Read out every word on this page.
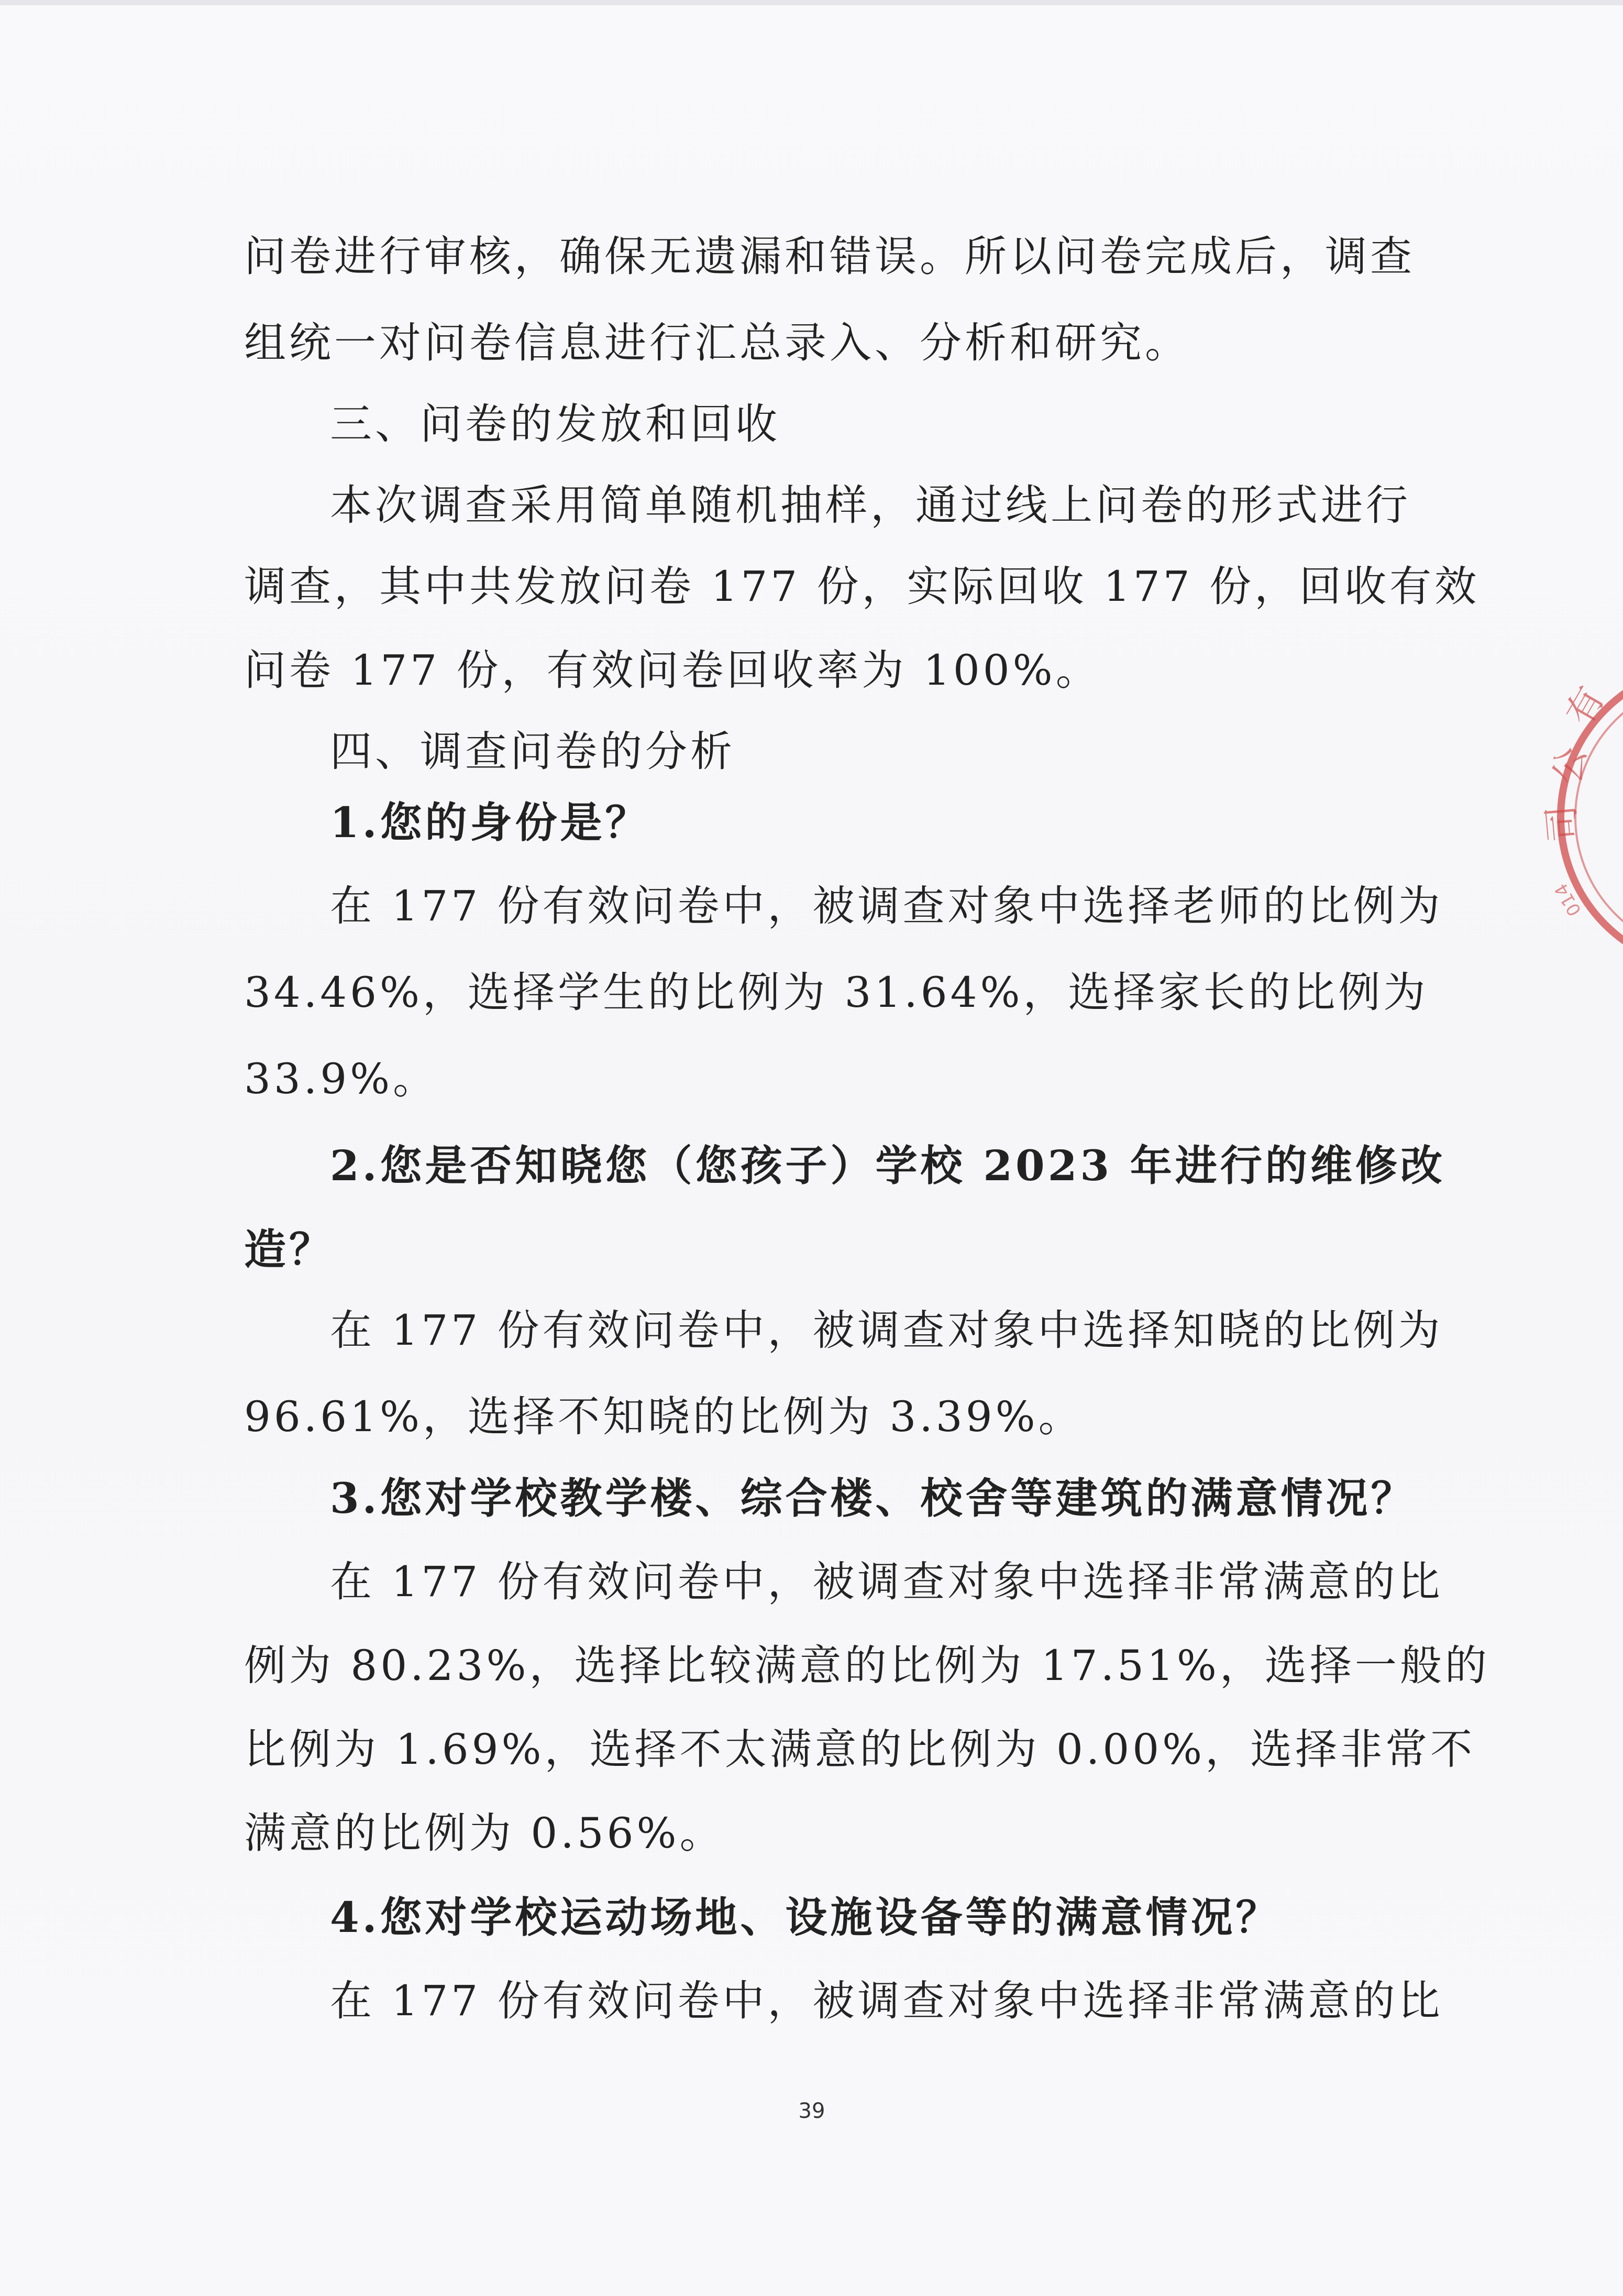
问卷进行审核，确保无遗漏和错误。所以问卷完成后，调查
组统一对问卷信息进行汇总录入、分析和研究。
三、问卷的发放和回收
本次调查采用简单随机抽样，通过线上问卷的形式进行
调查，其中共发放问卷 177 份，实际回收 177 份，回收有效
问卷 177 份，有效问卷回收率为 100%。
四、调查问卷的分析
1.您的身份是？
在 177 份有效问卷中，被调查对象中选择老师的比例为
34.46%，选择学生的比例为 31.64%，选择家长的比例为
33.9%。
2.您是否知晓您（您孩子）学校 2023 年进行的维修改
造？
在 177 份有效问卷中，被调查对象中选择知晓的比例为
96.61%，选择不知晓的比例为 3.39%。
3.您对学校教学楼、综合楼、校舍等建筑的满意情况？
在 177 份有效问卷中，被调查对象中选择非常满意的比
例为 80.23%，选择比较满意的比例为 17.51%，选择一般的
比例为 1.69%，选择不太满意的比例为 0.00%，选择非常不
满意的比例为 0.56%。
4.您对学校运动场地、设施设备等的满意情况？
在 177 份有效问卷中，被调查对象中选择非常满意的比
39
有
公
司
014
